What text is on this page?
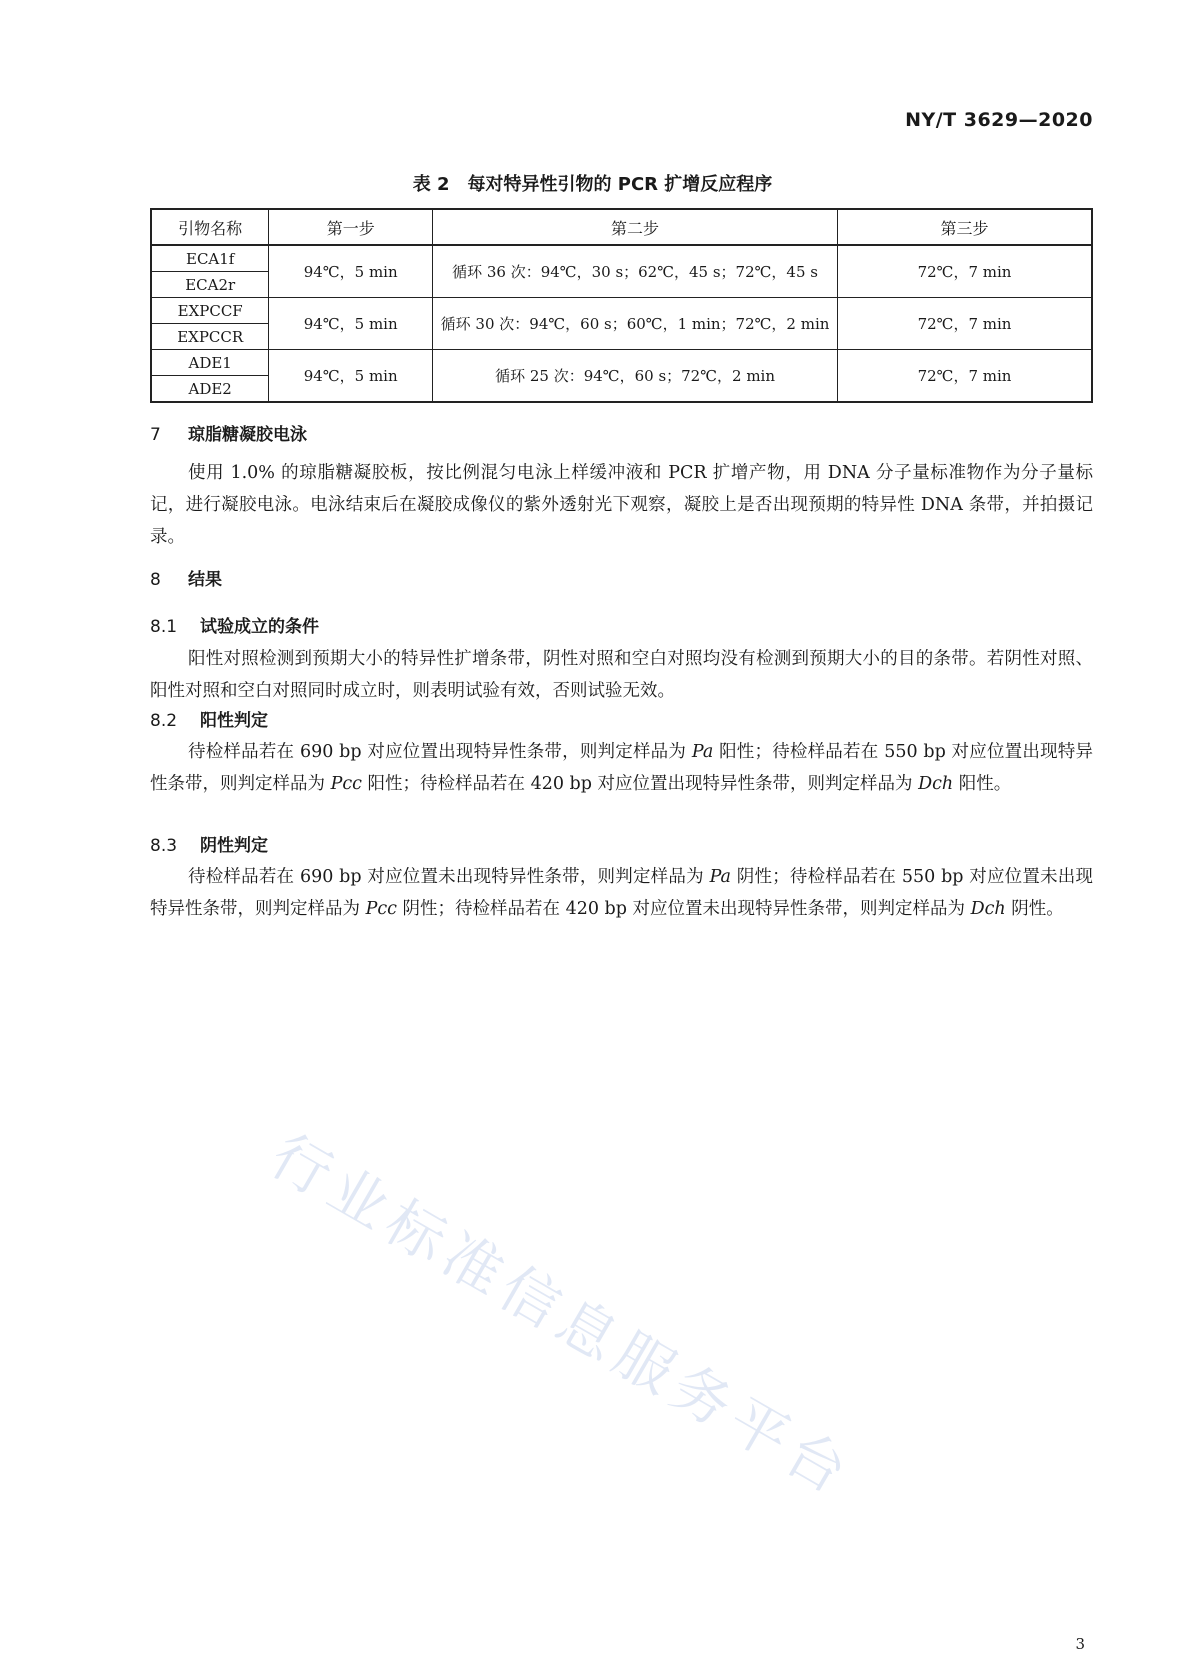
NY/T 3629—2020
表 2　每对特异性引物的 PCR 扩增反应程序
引物名称	第一步	第二步	第三步
ECA1f	94℃，5 min	循环 36 次：94℃，30 s；62℃，45 s；72℃，45 s	72℃，7 min
ECA2r			
EXPCCF	94℃，5 min	循环 30 次：94℃，60 s；60℃，1 min；72℃，2 min	72℃，7 min
EXPCCR			
ADE1	94℃，5 min	循环 25 次：94℃，60 s；72℃，2 min	72℃，7 min
ADE2			
7 琼脂糖凝胶电泳
使用 1.0% 的琼脂糖凝胶板，按比例混匀电泳上样缓冲液和 PCR 扩增产物，用 DNA 分子量标准物作为分子量标记，进行凝胶电泳。电泳结束后在凝胶成像仪的紫外透射光下观察，凝胶上是否出现预期的特异性 DNA 条带，并拍摄记录。
8 结果
8.1 试验成立的条件
阳性对照检测到预期大小的特异性扩增条带，阴性对照和空白对照均没有检测到预期大小的目的条带。若阴性对照、阳性对照和空白对照同时成立时，则表明试验有效，否则试验无效。
8.2 阳性判定
待检样品若在 690 bp 对应位置出现特异性条带，则判定样品为 Pa 阳性；待检样品若在 550 bp 对应位置出现特异性条带，则判定样品为 Pcc 阳性；待检样品若在 420 bp 对应位置出现特异性条带，则判定样品为 Dch 阳性。
8.3 阴性判定
待检样品若在 690 bp 对应位置未出现特异性条带，则判定样品为 Pa 阴性；待检样品若在 550 bp 对应位置未出现特异性条带，则判定样品为 Pcc 阴性；待检样品若在 420 bp 对应位置未出现特异性条带，则判定样品为 Dch 阴性。
行业标准信息服务平台
3
